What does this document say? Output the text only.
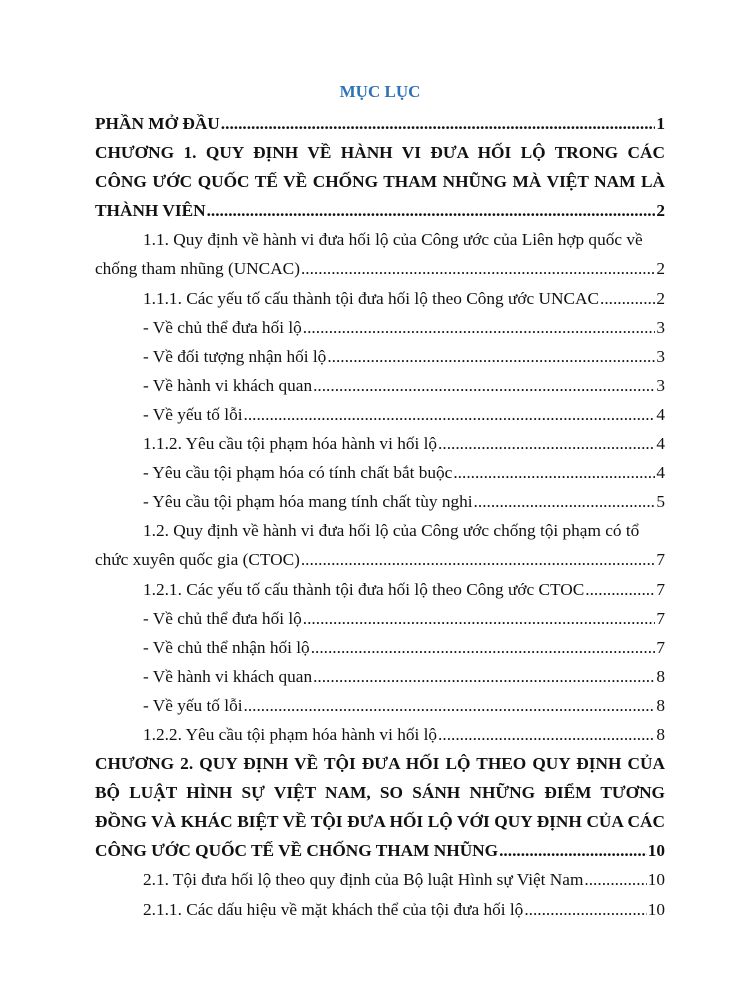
MỤC LỤC
PHẦN MỞ ĐẦU .....	1
CHƯƠNG 1. QUY ĐỊNH VỀ HÀNH VI ĐƯA HỐI LỘ TRONG CÁC
CÔNG ƯỚC QUỐC TẾ VỀ CHỐNG THAM NHŨNG MÀ VIỆT NAM LÀ
THÀNH VIÊN .....	2
1.1. Quy định về hành vi đưa hối lộ của Công ước của Liên hợp quốc về
chống tham nhũng (UNCAC) .....	2
1.1.1. Các yếu tố cấu thành tội đưa hối lộ theo Công ước UNCAC .....	2
- Về chủ thể đưa hối lộ .....	3
- Về đối tượng nhận hối lộ .....	3
- Về hành vi khách quan .....	3
- Về yếu tố lỗi .....	4
1.1.2. Yêu cầu tội phạm hóa hành vi hối lộ .....	4
- Yêu cầu tội phạm hóa có tính chất bắt buộc .....	4
- Yêu cầu tội phạm hóa mang tính chất tùy nghi .....	5
1.2. Quy định về hành vi đưa hối lộ của Công ước chống tội phạm có tổ
chức xuyên quốc gia (CTOC) .....	7
1.2.1. Các yếu tố cấu thành tội đưa hối lộ theo Công ước CTOC .....	7
- Về chủ thể đưa hối lộ .....	7
- Về chủ thể nhận hối lộ .....	7
- Về hành vi khách quan .....	8
- Về yếu tố lỗi .....	8
1.2.2. Yêu cầu tội phạm hóa hành vi hối lộ .....	8
CHƯƠNG 2. QUY ĐỊNH VỀ TỘI ĐƯA HỐI LỘ THEO QUY ĐỊNH CỦA
BỘ LUẬT HÌNH SỰ VIỆT NAM, SO SÁNH NHỮNG ĐIỂM TƯƠNG
ĐỒNG VÀ KHÁC BIỆT VỀ TỘI ĐƯA HỐI LỘ VỚI QUY ĐỊNH CỦA CÁC
CÔNG ƯỚC QUỐC TẾ VỀ CHỐNG THAM NHŨNG .....	10
2.1. Tội đưa hối lộ theo quy định của Bộ luật Hình sự Việt Nam .....	10
2.1.1. Các dấu hiệu về mặt khách thể của tội đưa hối lộ .....	10
